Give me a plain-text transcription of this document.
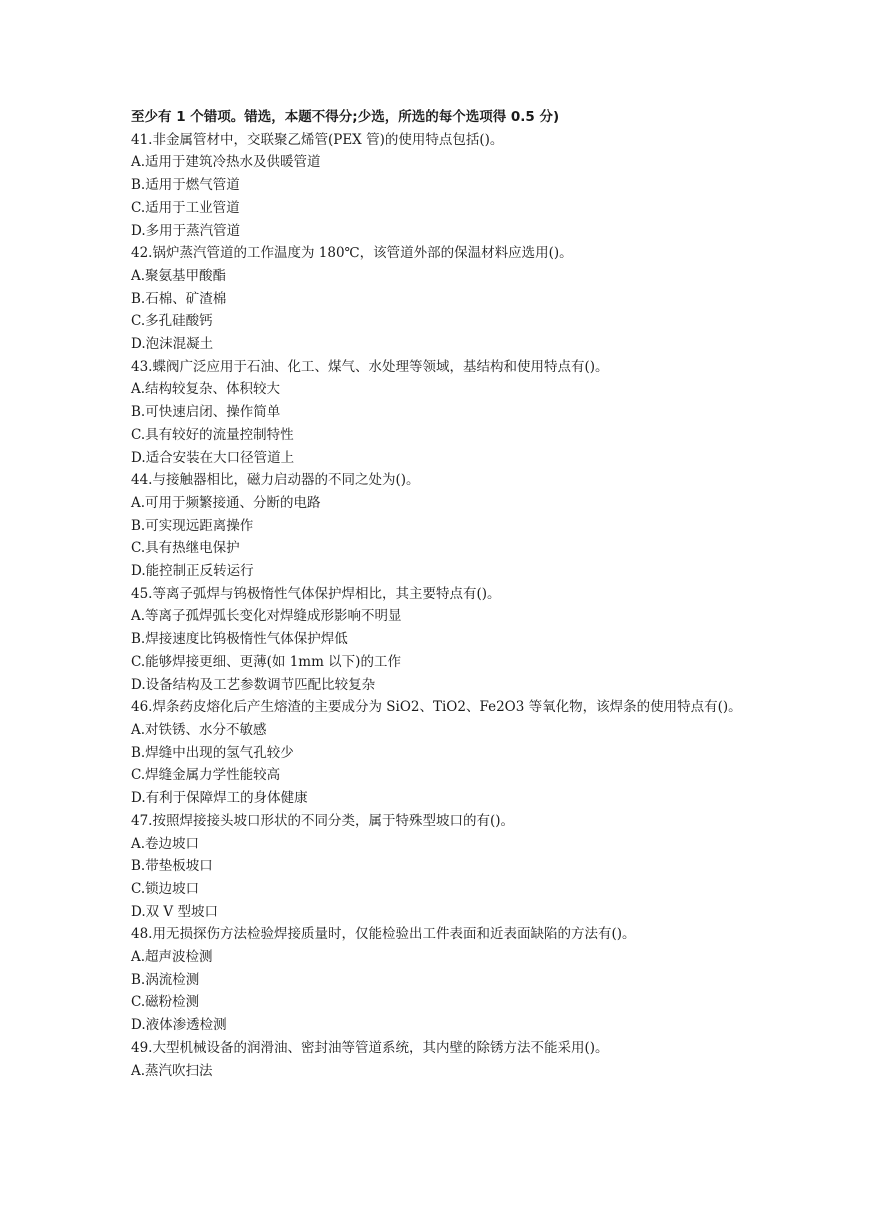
至少有 1 个错项。错选，本题不得分;少选，所选的每个选项得 0.5 分)
41.非金属管材中，交联聚乙烯管(PEX 管)的使用特点包括()。
A.适用于建筑冷热水及供暖管道
B.适用于燃气管道
C.适用于工业管道
D.多用于蒸汽管道
42.锅炉蒸汽管道的工作温度为 180℃，该管道外部的保温材料应选用()。
A.聚氨基甲酸酯
B.石棉、矿渣棉
C.多孔硅酸钙
D.泡沫混凝土
43.蝶阀广泛应用于石油、化工、煤气、水处理等领域，基结构和使用特点有()。
A.结构较复杂、体积较大
B.可快速启闭、操作简单
C.具有较好的流量控制特性
D.适合安装在大口径管道上
44.与接触器相比，磁力启动器的不同之处为()。
A.可用于频繁接通、分断的电路
B.可实现远距离操作
C.具有热继电保护
D.能控制正反转运行
45.等离子弧焊与钨极惰性气体保护焊相比，其主要特点有()。
A.等离子孤焊弧长变化对焊缝成形影响不明显
B.焊接速度比钨极惰性气体保护焊低
C.能够焊接更细、更薄(如 1mm 以下)的工作
D.设备结构及工艺参数调节匹配比较复杂
46.焊条药皮熔化后产生熔渣的主要成分为 SiO2、TiO2、Fe2O3 等氧化物，该焊条的使用特点有()。
A.对铁锈、水分不敏感
B.焊缝中出现的氢气孔较少
C.焊缝金属力学性能较高
D.有利于保障焊工的身体健康
47.按照焊接接头坡口形状的不同分类，属于特殊型坡口的有()。
A.卷边坡口
B.带垫板坡口
C.锁边坡口
D.双 V 型坡口
48.用无损探伤方法检验焊接质量时，仅能检验出工件表面和近表面缺陷的方法有()。
A.超声波检测
B.涡流检测
C.磁粉检测
D.液体渗透检测
49.大型机械设备的润滑油、密封油等管道系统，其内壁的除锈方法不能采用()。
A.蒸汽吹扫法
